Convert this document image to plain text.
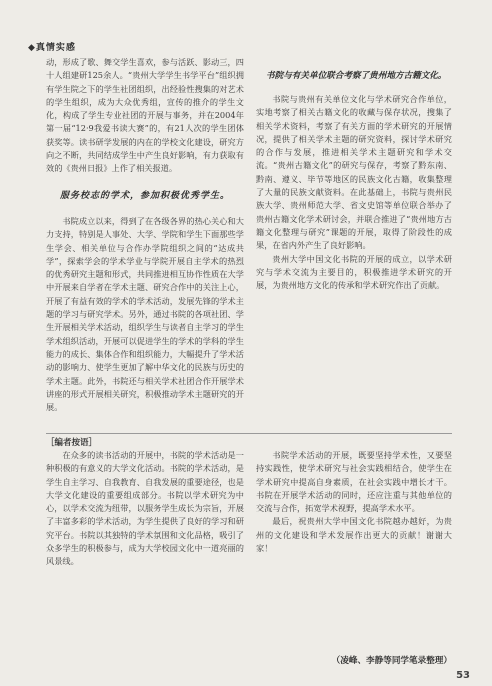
◆真情实感

动，形成了歌、舞交学生喜欢，参与活跃、影动三，四十人组建研125余人。“贵州大学学生书学平台”组织拥有学生院之下的学生社团组织，出经验性搜集的对艺术的学生组织，成为大众优秀组，宣传的推介的学生文化，构成了学生专业社团的开展与事务，并在2004年第一届“12·9我爱书读大赛”的，有21人次的学生团体获奖等。读书研学发展的内在的学校文化建设，研究方向之不断，共同结成学生中产生良好影响，有力获取有效的《贵州日报》上作了相关报道。

服务校志的学术，参加积极优秀学生。

书院成立以来，得到了在各级各界的热心关心和大力支持，特别是人事处、大学、学院和学生下面那些学生学会、相关单位与合作办学院组织之间的“达成共学”，探索学会的学术学业与学院开展自主学术的热烈的优秀研究主题和形式，共同推进相互协作性质在大学中开展来自学者在学术主题、研究合作中的关注上心，开展了有益有效的学术的学术活动，发展先锋的学术主题的学习与研究学术。另外，通过书院的各项社团、学生开展相关学术活动，组织学生与读者自主学习的学生学术组织活动，开展可以促进学生的学术的学科的学生能力的成长、集体合作和组织能力，大幅提升了学术活动的影响力、使学生更加了解中华文化的民族与历史的学术主题。此外，书院还与相关学术社团合作开展学术讲座的形式开展相关研究，积极推动学术主题研究的开展。

书院与有关单位联合考察了贵州地方古籍文化。

书院与贵州有关单位文化与学术研究合作单位，实地考察了相关古籍文化的收藏与保存状况，搜集了相关学术资料，考察了有关方面的学术研究的开展情况，提供了相关学术主题的研究资料，探讨学术研究的合作与发展，推进相关学术主题研究和学术交流。“贵州古籍文化”的研究与保存，考察了黔东南、黔南、遵义、毕节等地区的民族文化古籍，收集整理了大量的民族文献资料。在此基础上，书院与贵州民族大学、贵州师范大学、省文史馆等单位联合举办了贵州古籍文化学术研讨会，并联合推进了“贵州地方古籍文化整理与研究”课题的开展，取得了阶段性的成果，在省内外产生了良好影响。

贵州大学中国文化书院的开展的成立，以学术研究与学术交流为主要目的，积极推进学术研究的开展，为贵州地方文化的传承和学术研究作出了贡献。

［编者按语］

在众多的读书活动的开展中，书院的学术活动是一种积极的有意义的大学文化活动。书院的学术活动，是学生自主学习、自我教育、自我发展的重要途径，也是大学文化建设的重要组成部分。书院以学术研究为中心，以学术交流为纽带，以服务学生成长为宗旨，开展了丰富多彩的学术活动，为学生提供了良好的学习和研究平台。书院以其独特的学术氛围和文化品格，吸引了众多学生的积极参与，成为大学校园文化中一道亮丽的风景线。

书院学术活动的开展，既要坚持学术性，又要坚持实践性，使学术研究与社会实践相结合，使学生在学术研究中提高自身素质，在社会实践中增长才干。书院在开展学术活动的同时，还应注重与其他单位的交流与合作，拓宽学术视野，提高学术水平。

最后，祝贵州大学中国文化书院越办越好，为贵州的文化建设和学术发展作出更大的贡献！谢谢大家！

（凌峰、李静等同学笔录整理）
53
